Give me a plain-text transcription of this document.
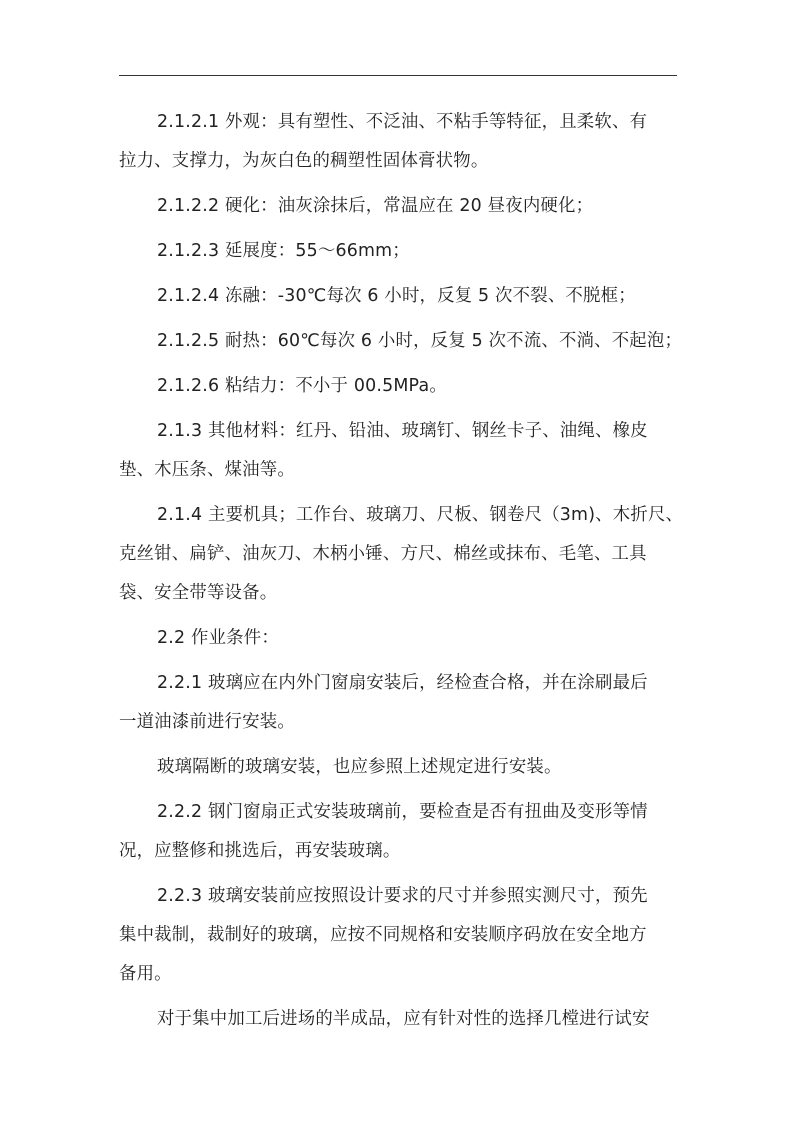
2.1.2.1 外观：具有塑性、不泛油、不粘手等特征，且柔软、有
拉力、支撑力，为灰白色的稠塑性固体膏状物。

2.1.2.2 硬化：油灰涂抹后，常温应在 20 昼夜内硬化；

2.1.2.3 延展度：55～66mm；

2.1.2.4 冻融：-30℃每次 6 小时，反复 5 次不裂、不脱框；

2.1.2.5 耐热：60℃每次 6 小时，反复 5 次不流、不淌、不起泡；

2.1.2.6 粘结力：不小于 00.5MPa。

2.1.3 其他材料：红丹、铅油、玻璃钉、钢丝卡子、油绳、橡皮
垫、木压条、煤油等。

2.1.4 主要机具；工作台、玻璃刀、尺板、钢卷尺（3m)、木折尺、
克丝钳、扁铲、油灰刀、木柄小锤、方尺、棉丝或抹布、毛笔、工具
袋、安全带等设备。

2.2 作业条件：

2.2.1 玻璃应在内外门窗扇安装后，经检查合格，并在涂刷最后
一道油漆前进行安装。

玻璃隔断的玻璃安装，也应参照上述规定进行安装。

2.2.2 钢门窗扇正式安装玻璃前，要检查是否有扭曲及变形等情
况，应整修和挑选后，再安装玻璃。

2.2.3 玻璃安装前应按照设计要求的尺寸并参照实测尺寸，预先
集中裁制，裁制好的玻璃，应按不同规格和安装顺序码放在安全地方
备用。

对于集中加工后进场的半成品，应有针对性的选择几樘进行试安
